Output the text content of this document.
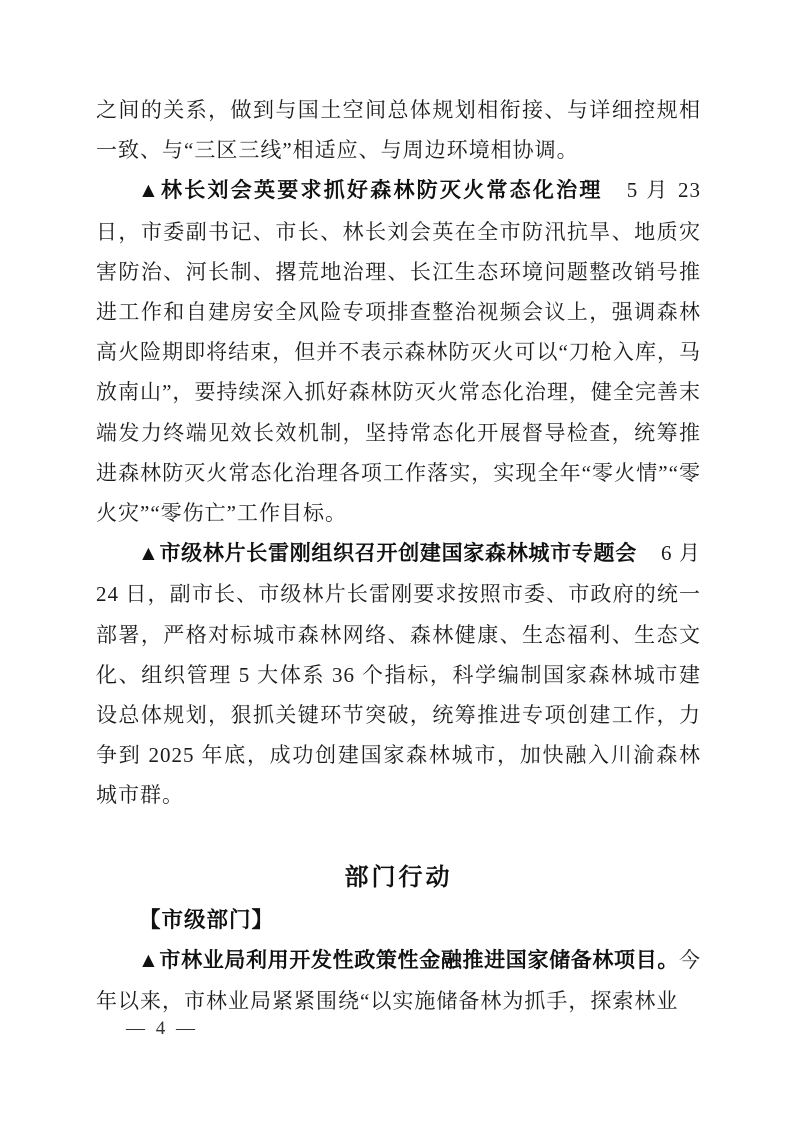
之间的关系，做到与国土空间总体规划相衔接、与详细控规相一致、与“三区三线”相适应、与周边环境相协调。

▲林长刘会英要求抓好森林防灭火常态化治理 5 月 23 日，市委副书记、市长、林长刘会英在全市防汛抗旱、地质灾害防治、河长制、撂荒地治理、长江生态环境问题整改销号推进工作和自建房安全风险专项排查整治视频会议上，强调森林高火险期即将结束，但并不表示森林防灭火可以“刀枪入库，马放南山”，要持续深入抓好森林防灭火常态化治理，健全完善末端发力终端见效长效机制，坚持常态化开展督导检查，统筹推进森林防灭火常态化治理各项工作落实，实现全年“零火情”“零火灾”“零伤亡”工作目标。

▲市级林片长雷刚组织召开创建国家森林城市专题会 6 月 24 日，副市长、市级林片长雷刚要求按照市委、市政府的统一部署，严格对标城市森林网络、森林健康、生态福利、生态文化、组织管理 5 大体系 36 个指标，科学编制国家森林城市建设总体规划，狠抓关键环节突破，统筹推进专项创建工作，力争到 2025 年底，成功创建国家森林城市，加快融入川渝森林城市群。

部门行动
【市级部门】

▲市林业局利用开发性政策性金融推进国家储备林项目。今年以来，市林业局紧紧围绕“以实施储备林为抓手，探索林业

— 4 —
